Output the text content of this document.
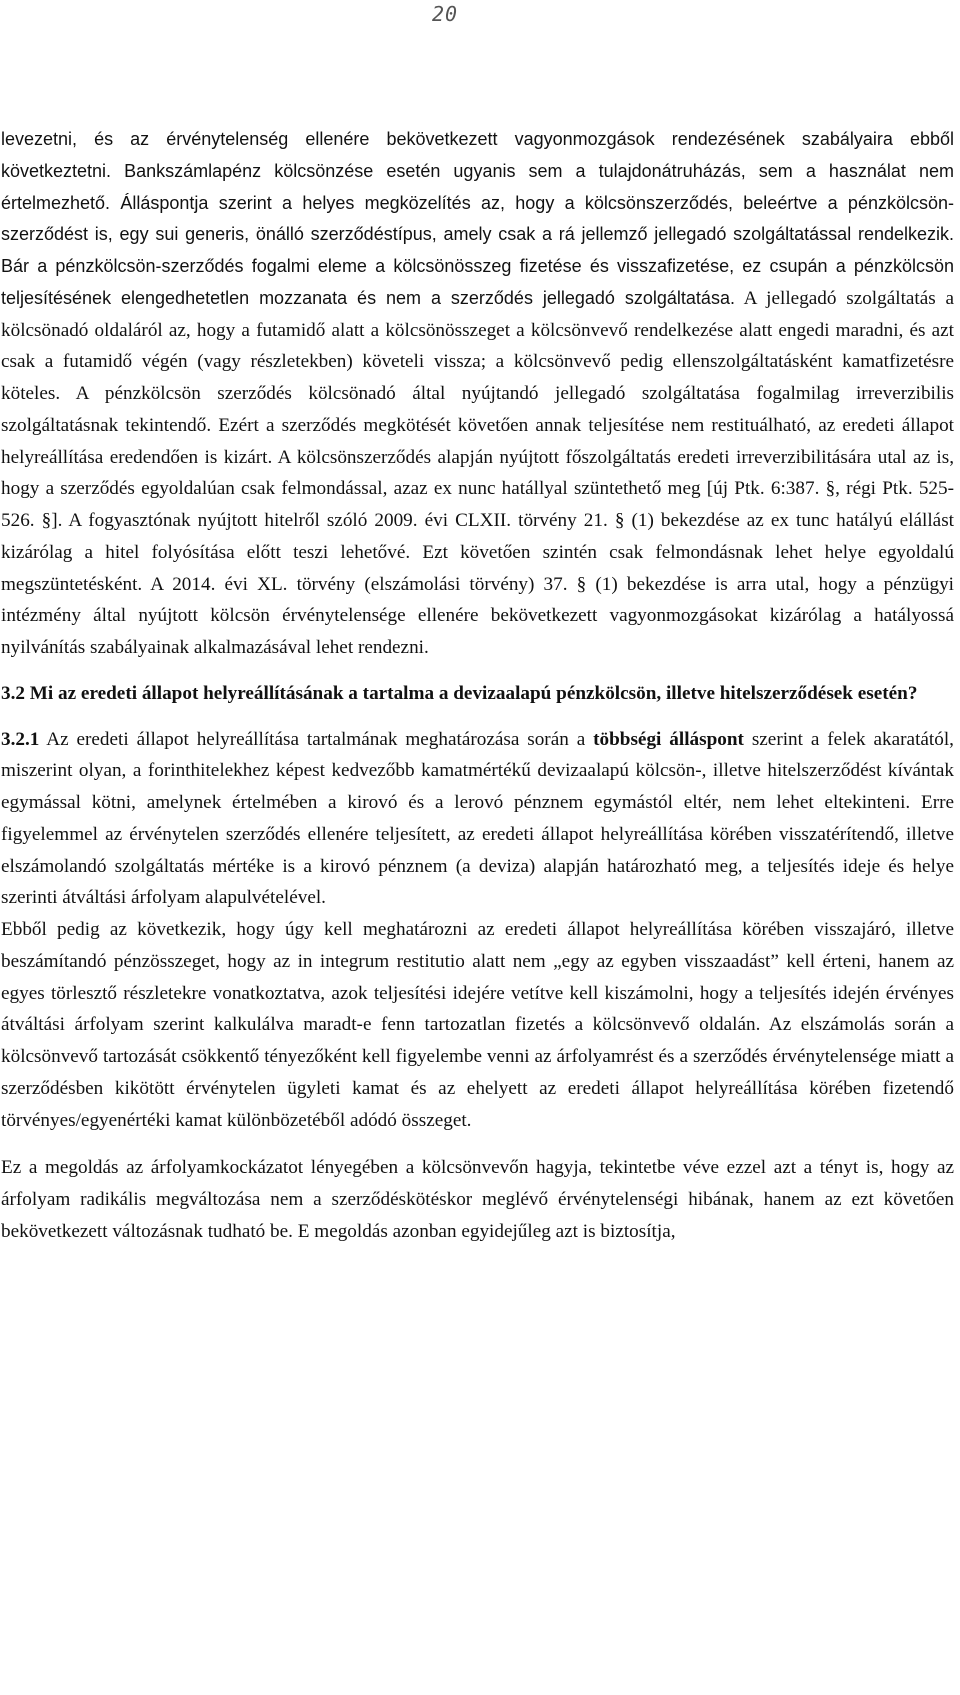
20

levezetni, és az érvénytelenség ellenére bekövetkezett vagyonmozgások rendezésének szabályaira ebből következtetni. Bankszámlapénz kölcsönzése esetén ugyanis sem a tulajdonátruházás, sem a használat nem értelmezhető. Álláspontja szerint a helyes megközelítés az, hogy a kölcsönszerződés, beleértve a pénzkölcsön-szerződést is, egy sui generis, önálló szerződéstípus, amely csak a rá jellemző jellegadó szolgáltatással rendelkezik. Bár a pénzkölcsön-szerződés fogalmi eleme a kölcsönösszeg fizetése és visszafizetése, ez csupán a pénzkölcsön teljesítésének elengedhetetlen mozzanata és nem a szerződés jellegadó szolgáltatása. A jellegadó szolgáltatás a kölcsönadó oldaláról az, hogy a futamidő alatt a kölcsönösszeget a kölcsönvevő rendelkezése alatt engedi maradni, és azt csak a futamidő végén (vagy részletekben) követeli vissza; a kölcsönvevő pedig ellenszolgáltatásként kamatfizetésre köteles. A pénzkölcsön szerződés kölcsönadó által nyújtandó jellegadó szolgáltatása fogalmilag irreverzibilis szolgáltatásnak tekintendő. Ezért a szerződés megkötését követően annak teljesítése nem restituálható, az eredeti állapot helyreállítása eredendően is kizárt. A kölcsönszerződés alapján nyújtott főszolgáltatás eredeti irreverzibilitására utal az is, hogy a szerződés egyoldalúan csak felmondással, azaz ex nunc hatállyal szüntethető meg [új Ptk. 6:387. §, régi Ptk. 525-526. §]. A fogyasztónak nyújtott hitelről szóló 2009. évi CLXII. törvény 21. § (1) bekezdése az ex tunc hatályú elállást kizárólag a hitel folyósítása előtt teszi lehetővé. Ezt követően szintén csak felmondásnak lehet helye egyoldalú megszüntetésként. A 2014. évi XL. törvény (elszámolási törvény) 37. § (1) bekezdése is arra utal, hogy a pénzügyi intézmény által nyújtott kölcsön érvénytelensége ellenére bekövetkezett vagyonmozgásokat kizárólag a hatályossá nyilvánítás szabályainak alkalmazásával lehet rendezni.

3.2 Mi az eredeti állapot helyreállításának a tartalma a devizaalapú pénzkölcsön, illetve hitelszerződések esetén?

3.2.1 Az eredeti állapot helyreállítása tartalmának meghatározása során a többségi álláspont szerint a felek akaratától, miszerint olyan, a forinthitelekhez képest kedvezőbb kamatmértékű devizaalapú kölcsön-, illetve hitelszerződést kívántak egymással kötni, amelynek értelmében a kirovó és a lerovó pénznem egymástól eltér, nem lehet eltekinteni. Erre figyelemmel az érvénytelen szerződés ellenére teljesített, az eredeti állapot helyreállítása körében visszatérítendő, illetve elszámolandó szolgáltatás mértéke is a kirovó pénznem (a deviza) alapján határozható meg, a teljesítés ideje és helye szerinti átváltási árfolyam alapulvételével.

Ebből pedig az következik, hogy úgy kell meghatározni az eredeti állapot helyreállítása körében visszajáró, illetve beszámítandó pénzösszeget, hogy az in integrum restitutio alatt nem „egy az egyben visszaadást” kell érteni, hanem az egyes törlesztő részletekre vonatkoztatva, azok teljesítési idejére vetítve kell kiszámolni, hogy a teljesítés idején érvényes átváltási árfolyam szerint kalkulálva maradt-e fenn tartozatlan fizetés a kölcsönvevő oldalán. Az elszámolás során a kölcsönvevő tartozását csökkentő tényezőként kell figyelembe venni az árfolyamrést és a szerződés érvénytelensége miatt a szerződésben kikötött érvénytelen ügyleti kamat és az ehelyett az eredeti állapot helyreállítása körében fizetendő törvényes/egyenértéki kamat különbözetéből adódó összeget.

Ez a megoldás az árfolyamkockázatot lényegében a kölcsönvevőn hagyja, tekintetbe véve ezzel azt a tényt is, hogy az árfolyam radikális megváltozása nem a szerződéskötéskor meglévő érvénytelenségi hibának, hanem az ezt követően bekövetkezett változásnak tudható be. E megoldás azonban egyidejűleg azt is biztosítja,
